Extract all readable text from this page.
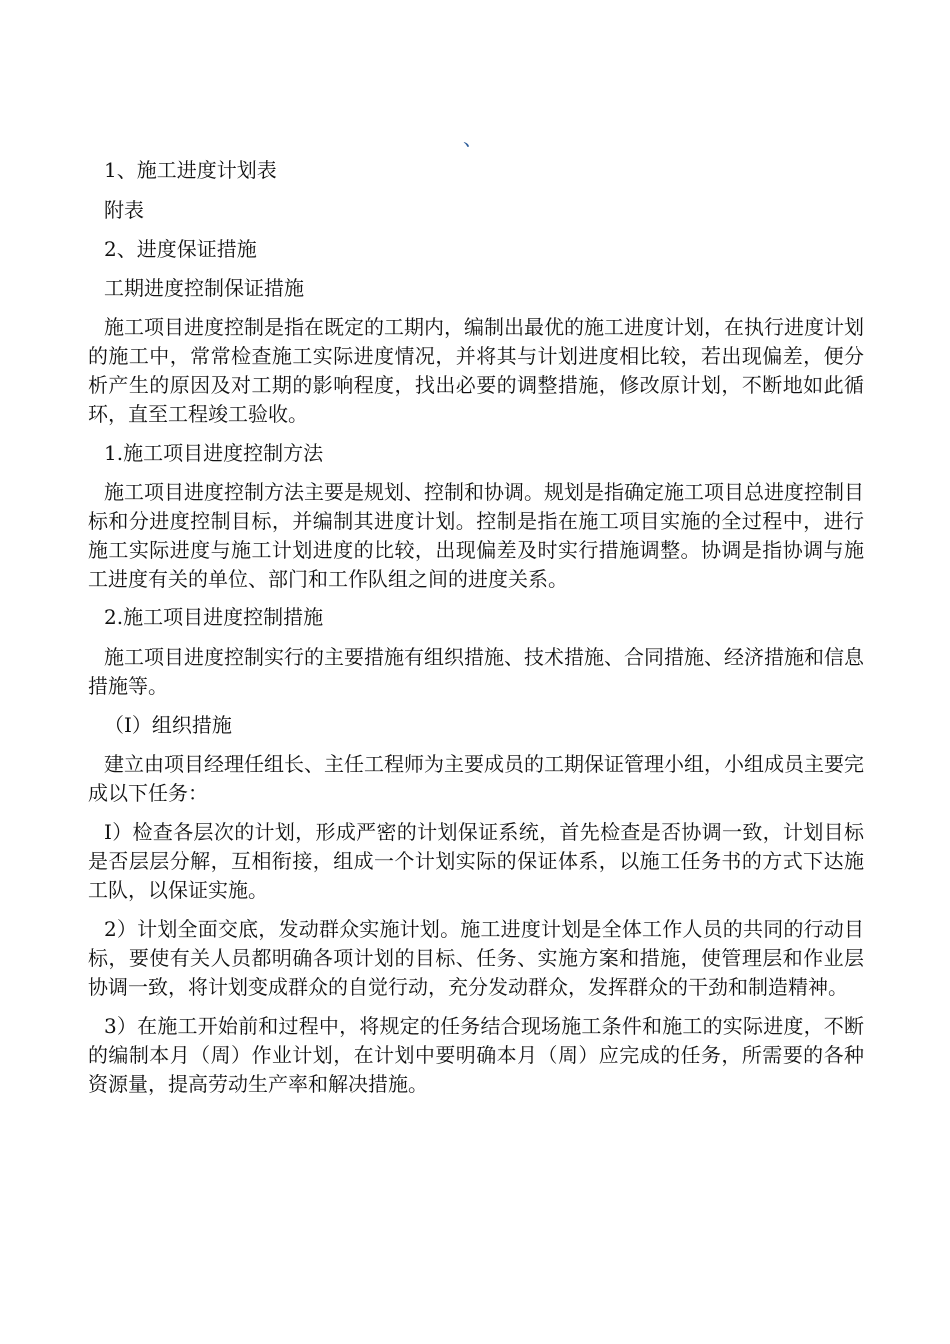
、

1、施工进度计划表

附表

2、进度保证措施

工期进度控制保证措施

施工项目进度控制是指在既定的工期内，编制出最优的施工进度计划，在执行进度计划的施工中，常常检查施工实际进度情况，并将其与计划进度相比较，若出现偏差，便分析产生的原因及对工期的影响程度，找出必要的调整措施，修改原计划，不断地如此循环，直至工程竣工验收。

1.施工项目进度控制方法

施工项目进度控制方法主要是规划、控制和协调。规划是指确定施工项目总进度控制目标和分进度控制目标，并编制其进度计划。控制是指在施工项目实施的全过程中，进行施工实际进度与施工计划进度的比较，出现偏差及时实行措施调整。协调是指协调与施工进度有关的单位、部门和工作队组之间的进度关系。

2.施工项目进度控制措施

施工项目进度控制实行的主要措施有组织措施、技术措施、合同措施、经济措施和信息措施等。

（I）组织措施

建立由项目经理任组长、主任工程师为主要成员的工期保证管理小组，小组成员主要完成以下任务：

I）检查各层次的计划，形成严密的计划保证系统，首先检查是否协调一致，计划目标是否层层分解，互相衔接，组成一个计划实际的保证体系，以施工任务书的方式下达施工队，以保证实施。

2）计划全面交底，发动群众实施计划。施工进度计划是全体工作人员的共同的行动目标，要使有关人员都明确各项计划的目标、任务、实施方案和措施，使管理层和作业层协调一致，将计划变成群众的自觉行动，充分发动群众，发挥群众的干劲和制造精神。

3）在施工开始前和过程中，将规定的任务结合现场施工条件和施工的实际进度，不断的编制本月（周）作业计划，在计划中要明确本月（周）应完成的任务，所需要的各种资源量，提高劳动生产率和解决措施。
